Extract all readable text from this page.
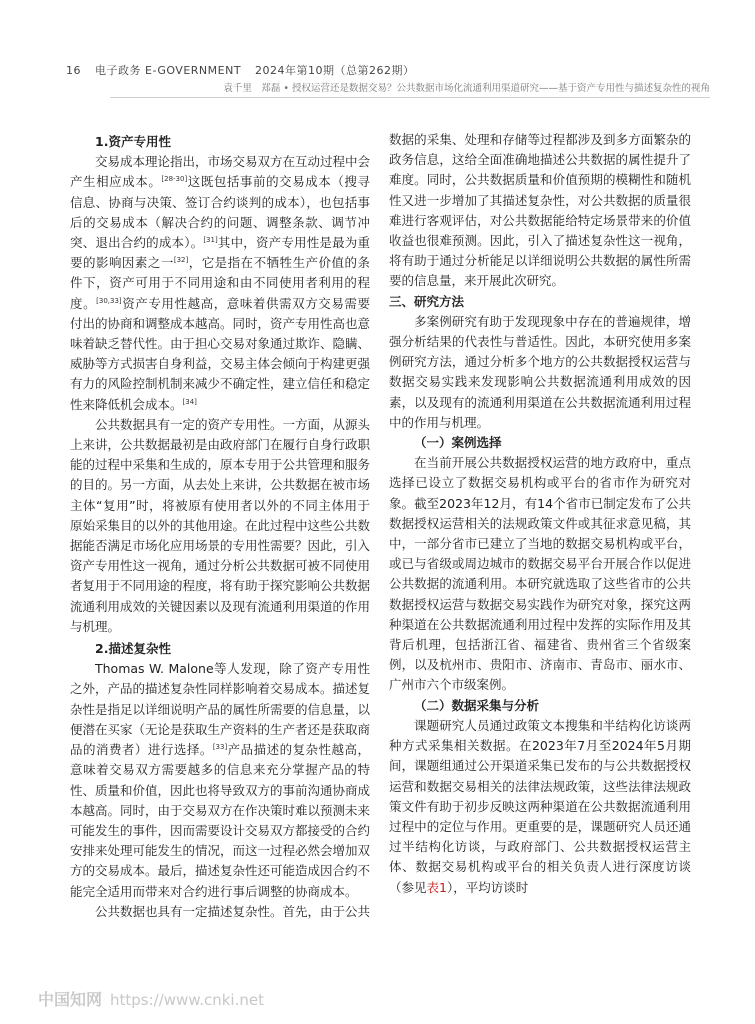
16 电子政务 E-GOVERNMENT 2024年第10期（总第262期）
袁千里　郑磊 • 授权运营还是数据交易？公共数据市场化流通利用渠道研究——基于资产专用性与描述复杂性的视角
1.资产专用性

交易成本理论指出，市场交易双方在互动过程中会产生相应成本。[28-30]这既包括事前的交易成本（搜寻信息、协商与决策、签订合约谈判的成本），也包括事后的交易成本（解决合约的问题、调整条款、调节冲突、退出合约的成本）。[31]其中，资产专用性是最为重要的影响因素之一[32]，它是指在不牺牲生产价值的条件下，资产可用于不同用途和由不同使用者利用的程度。[30,33]资产专用性越高，意味着供需双方交易需要付出的协商和调整成本越高。同时，资产专用性高也意味着缺乏替代性。由于担心交易对象通过欺诈、隐瞒、威胁等方式损害自身利益，交易主体会倾向于构建更强有力的风险控制机制来减少不确定性，建立信任和稳定性来降低机会成本。[34]

公共数据具有一定的资产专用性。一方面，从源头上来讲，公共数据最初是由政府部门在履行自身行政职能的过程中采集和生成的，原本专用于公共管理和服务的目的。另一方面，从去处上来讲，公共数据在被市场主体“复用”时，将被原有使用者以外的不同主体用于原始采集目的以外的其他用途。在此过程中这些公共数据能否满足市场化应用场景的专用性需要？因此，引入资产专用性这一视角，通过分析公共数据可被不同使用者复用于不同用途的程度，将有助于探究影响公共数据流通利用成效的关键因素以及现有流通利用渠道的作用与机理。

2.描述复杂性

Thomas W. Malone等人发现，除了资产专用性之外，产品的描述复杂性同样影响着交易成本。描述复杂性是指足以详细说明产品的属性所需要的信息量，以便潜在买家（无论是获取生产资料的生产者还是获取商品的消费者）进行选择。[33]产品描述的复杂性越高，意味着交易双方需要越多的信息来充分掌握产品的特性、质量和价值，因此也将导致双方的事前沟通协商成本越高。同时，由于交易双方在作决策时难以预测未来可能发生的事件，因而需要设计交易双方都接受的合约安排来处理可能发生的情况，而这一过程必然会增加双方的交易成本。最后，描述复杂性还可能造成因合约不能完全适用而带来对合约进行事后调整的协商成本。

公共数据也具有一定描述复杂性。首先，由于公共

数据的采集、处理和存储等过程都涉及到多方面繁杂的政务信息，这给全面准确地描述公共数据的属性提升了难度。同时，公共数据质量和价值预期的模糊性和随机性又进一步增加了其描述复杂性，对公共数据的质量很难进行客观评估，对公共数据能给特定场景带来的价值收益也很难预测。因此，引入了描述复杂性这一视角，将有助于通过分析能足以详细说明公共数据的属性所需要的信息量，来开展此次研究。

三、研究方法

多案例研究有助于发现现象中存在的普遍规律，增强分析结果的代表性与普适性。因此，本研究使用多案例研究方法，通过分析多个地方的公共数据授权运营与数据交易实践来发现影响公共数据流通利用成效的因素，以及现有的流通利用渠道在公共数据流通利用过程中的作用与机理。

（一）案例选择

在当前开展公共数据授权运营的地方政府中，重点选择已设立了数据交易机构或平台的省市作为研究对象。截至2023年12月，有14个省市已制定发布了公共数据授权运营相关的法规政策文件或其征求意见稿，其中，一部分省市已建立了当地的数据交易机构或平台，或已与省级或周边城市的数据交易平台开展合作以促进公共数据的流通利用。本研究就选取了这些省市的公共数据授权运营与数据交易实践作为研究对象，探究这两种渠道在公共数据流通利用过程中发挥的实际作用及其背后机理，包括浙江省、福建省、贵州省三个省级案例，以及杭州市、贵阳市、济南市、青岛市、丽水市、广州市六个市级案例。

（二）数据采集与分析

课题研究人员通过政策文本搜集和半结构化访谈两种方式采集相关数据。在2023年7月至2024年5月期间，课题组通过公开渠道采集已发布的与公共数据授权运营和数据交易相关的法律法规政策，这些法律法规政策文件有助于初步反映这两种渠道在公共数据流通利用过程中的定位与作用。更重要的是，课题研究人员还通过半结构化访谈，与政府部门、公共数据授权运营主体、数据交易机构或平台的相关负责人进行深度访谈（参见表1），平均访谈时

中国知网 https://www.cnki.net
